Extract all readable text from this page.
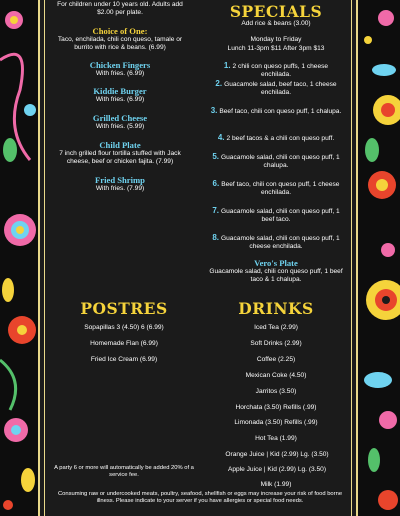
For children under 10 years old. Adults add $2.00 per plate.
Choice of One:
Taco, enchilada, chili con queso, tamale or burrito with rice & beans. (6.99)
Chicken Fingers
With fries. (6.99)
Kiddie Burger
With fries. (6.99)
Grilled Cheese
With fries. (5.99)
Child Plate
7 inch grilled flour tortilla stuffed with Jack cheese, beef or chicken fajita. (7.99)
Fried Shrimp
With fries. (7.99)
SPECIALS
Add rice & beans (3.00)
Monday to Friday
Lunch 11-3pm $11 After 3pm $13
1. 2 chili con queso puffs, 1 cheese enchilada.
2. Guacamole salad, beef taco, 1 cheese enchilada.
3. Beef taco, chili con queso puff, 1 chalupa.
4. 2 beef tacos & a chili con queso puff.
5. Guacamole salad, chili con queso puff, 1 chalupa.
6. Beef taco, chili con queso puff, 1 cheese enchilada.
7. Guacamole salad, chili con queso puff, 1 beef taco.
8. Guacamole salad, chili con queso puff, 1 cheese enchilada.
Vero's Plate
Guacamole salad, chili con queso puff, 1 beef taco & 1 chalupa.
POSTRES
Sopapillas 3 (4.50) 6 (6.99)
Homemade Flan (6.99)
Fried Ice Cream (6.99)
DRINKS
Iced Tea (2.99)
Soft Drinks (2.99)
Coffee (2.25)
Mexican Coke (4.50)
Jarritos (3.50)
Horchata (3.50) Refills (.99)
Limonada (3.50) Refills (.99)
Hot Tea (1.99)
Orange Juice | Kid (2.99) Lg. (3.50)
Apple Juice | Kid (2.99) Lg. (3.50)
Milk (1.99)
A party 6 or more will automatically be added 20% of a service fee.
Consuming raw or undercooked meats, poultry, seafood, shellfish or eggs may increase your risk of food borne illness. Please indicate to your server if you have allergies or special food needs.
